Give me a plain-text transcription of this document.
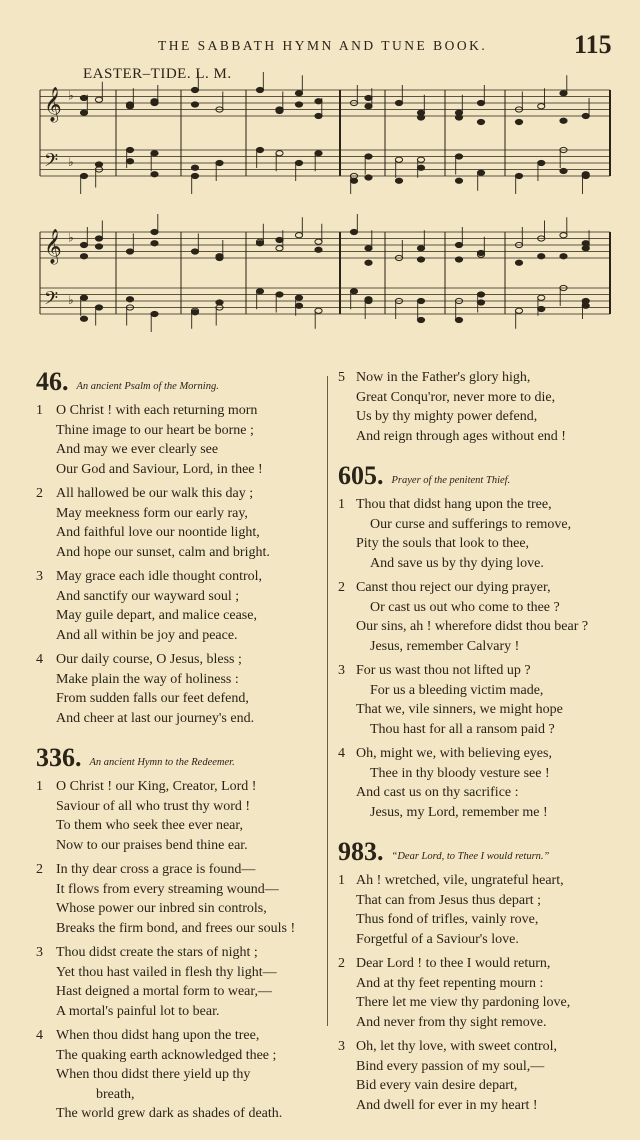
THE SABBATH HYMN AND TUNE BOOK.	115
EASTER–TIDE. L. M.
𝄞
𝄢
♭
♭
𝄞
𝄢
♭
♭
46. An ancient Psalm of the Morning.
1 O Christ ! with each returning morn
Thine image to our heart be borne ;
And may we ever clearly see
Our God and Saviour, Lord, in thee !
2 All hallowed be our walk this day ;
May meekness form our early ray,
And faithful love our noontide light,
And hope our sunset, calm and bright.
3 May grace each idle thought control,
And sanctify our wayward soul ;
May guile depart, and malice cease,
And all within be joy and peace.
4 Our daily course, O Jesus, bless ;
Make plain the way of holiness :
From sudden falls our feet defend,
And cheer at last our journey's end.
336. An ancient Hymn to the Redeemer.
1 O Christ ! our King, Creator, Lord !
Saviour of all who trust thy word !
To them who seek thee ever near,
Now to our praises bend thine ear.
2 In thy dear cross a grace is found—
It flows from every streaming wound—
Whose power our inbred sin controls,
Breaks the firm bond, and frees our souls !
3 Thou didst create the stars of night ;
Yet thou hast vailed in flesh thy light—
Hast deigned a mortal form to wear,—
A mortal's painful lot to bear.
4 When thou didst hang upon the tree,
The quaking earth acknowledged thee ;
When thou didst there yield up thy
breath,
The world grew dark as shades of death.
5 Now in the Father's glory high,
Great Conqu'ror, never more to die,
Us by thy mighty power defend,
And reign through ages without end !
605. Prayer of the penitent Thief.
1 Thou that didst hang upon the tree,
Our curse and sufferings to remove,
Pity the souls that look to thee,
And save us by thy dying love.
2 Canst thou reject our dying prayer,
Or cast us out who come to thee ?
Our sins, ah ! wherefore didst thou bear ?
Jesus, remember Calvary !
3 For us wast thou not lifted up ?
For us a bleeding victim made,
That we, vile sinners, we might hope
Thou hast for all a ransom paid ?
4 Oh, might we, with believing eyes,
Thee in thy bloody vesture see !
And cast us on thy sacrifice :
Jesus, my Lord, remember me !
983. “Dear Lord, to Thee I would return.”
1 Ah ! wretched, vile, ungrateful heart,
That can from Jesus thus depart ;
Thus fond of trifles, vainly rove,
Forgetful of a Saviour's love.
2 Dear Lord ! to thee I would return,
And at thy feet repenting mourn :
There let me view thy pardoning love,
And never from thy sight remove.
3 Oh, let thy love, with sweet control,
Bind every passion of my soul,—
Bid every vain desire depart,
And dwell for ever in my heart !
